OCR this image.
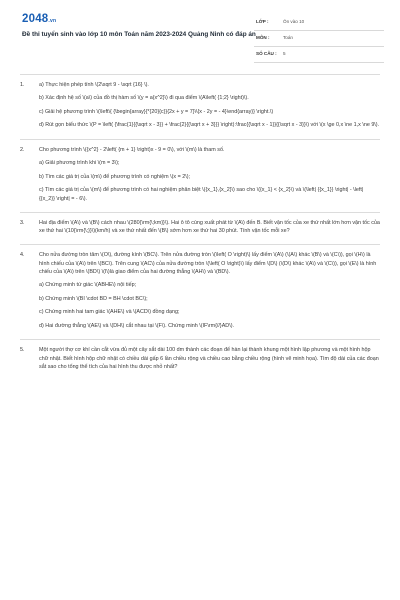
2048.vn
Đề thi tuyển sinh vào lớp 10 môn Toán năm 2023-2024 Quảng Ninh có đáp án
LỚP :	Ôn vào 10
MÔN :	Toán
SỐ CÂU :	5
1.	a) Thực hiện phép tính \(2\sqrt 9 - \sqrt {16} \).

b) Xác định hệ số \(a\) của đồ thị hàm số \(y = a{x^2}\) đi qua điểm \(A\left( {1;2} \right)\).

c) Giải hệ phương trình \(\left\{ {\begin{array}{*{20}{c}}{2x + y = 7}\\{x - 2y = - 4}\end{array}} \right.\)

d) Rút gọn biểu thức \(P = \left( {\frac{1}{{\sqrt x - 3}} + \frac{2}{{\sqrt x + 3}}} \right):\frac{{\sqrt x - 1}}{{\sqrt x - 3}}\) với \(x \ge 0,x \ne 1,x \ne 9\).

2.	Cho phương trình \({x^2} - 2\left( {m + 1} \right)x - 9 = 0\), với \(m\) là tham số.

a) Giải phương trình khi \(m = 3\);

b) Tìm các giá trị của \(m\) để phương trình có nghiệm \(x = 2\);

c) Tìm các giá trị của \(m\) để phương trình có hai nghiệm phân biệt \({x_1},{x_2}\) sao cho \({x_1} < {x_2}\) và \(\left| {{x_1}} \right| - \left| {{x_2}} \right| = - 6\).

3.	Hai địa điểm \(A\) và \(B\) cách nhau \(280{\rm{\;km}}\). Hai ô tô cùng xuất phát từ \(A\) đến B. Biết vận tốc của xe thứ nhất lớn hơn vận tốc của xe thứ hai \(10{\rm{\;}}\)(km/h) và xe thứ nhất đến \(B\) sớm hơn xe thứ hai 30 phút. Tính vận tốc mỗi xe?

4.	Cho nửa đường tròn tâm \(O\), đường kính \(BC\). Trên nửa đường tròn \(\left( O \right)\) lấy điểm \(A\) (\(A\) khác \(B\) và \(C\)), gọi \(H\) là hình chiếu của \(A\) trên \(BC\). Trên cung \(AC\) của nửa đường tròn \(\left( O \right)\) lấy điểm \(D\) (\(D\) khác \(A\) và \(C\)), gọi \(E\) là hình chiếu của \(A\) trên \(BD\) \(I\)là giao điểm của hai đường thẳng \(AH\) và \(BD\).

a) Chứng minh tứ giác \(ABHE\) nội tiếp;

b) Chứng minh \(BI \cdot BD = BH \cdot BC\);

c) Chứng minh hai tam giác \(AHE\) và \(ACD\) đồng dạng;

d) Hai đường thẳng \(AE\) và \(DH\) cắt nhau tại \(F\). Chứng minh \(IF\rm{//}AD\).

5.	Một người thợ cơ khí cần cắt vừa đủ một cây sắt dài 100 dm thành các đoạn để hàn lại thành khung một hình lập phương và một hình hộp chữ nhật. Biết hình hộp chữ nhật có chiều dài gấp 6 lần chiều rộng và chiều cao bằng chiều rộng (hình vẽ minh họa). Tìm độ dài của các đoạn sắt sao cho tổng thể tích của hai hình thu được nhỏ nhất?
